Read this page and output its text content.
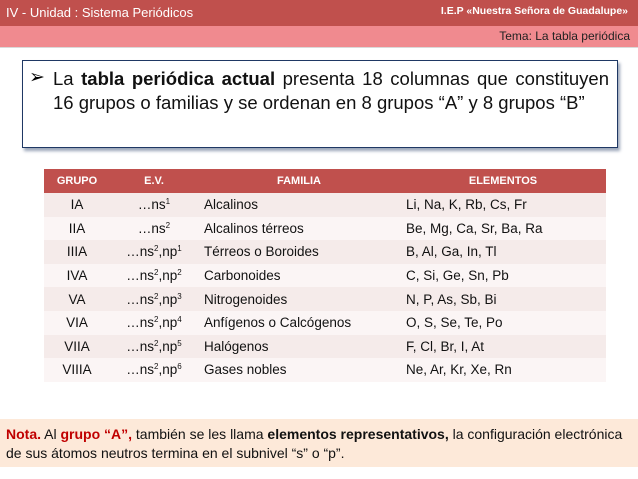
IV - Unidad : Sistema Periódicos	I.E.P «Nuestra Señora de Guadalupe»
Tema: La tabla periódica
➢ La tabla periódica actual presenta 18 columnas que constituyen 16 grupos o familias y se ordenan en 8 grupos “A” y 8 grupos “B”
GRUPO	E.V.	FAMILIA	ELEMENTOS
IA	$\dots ns^1$	Alcalinos	Li, Na, K, Rb, Cs, Fr
IIA	$\dots ns^2$	Alcalinos térreos	Be, Mg, Ca, Sr, Ba, Ra
IIIA	$\dots ns^2,np^1$	Térreos o Boroides	B, Al, Ga, In, Tl
IVA	$\dots ns^2,np^2$	Carbonoides	C, Si, Ge, Sn, Pb
VA	$\dots ns^2,np^3$	Nitrogenoides	N, P, As, Sb, Bi
VIA	$\dots ns^2,np^4$	Anfígenos o Calcógenos	O, S, Se, Te, Po
VIIA	$\dots ns^2,np^5$	Halógenos	F, Cl, Br, I, At
VIIIA	$\dots ns^2,np^6$	Gases nobles	Ne, Ar, Kr, Xe, Rn
Nota. Al grupo “A”, también se les llama elementos representativos, la configuración electrónica de sus átomos neutros termina en el subnivel “s” o “p”.
